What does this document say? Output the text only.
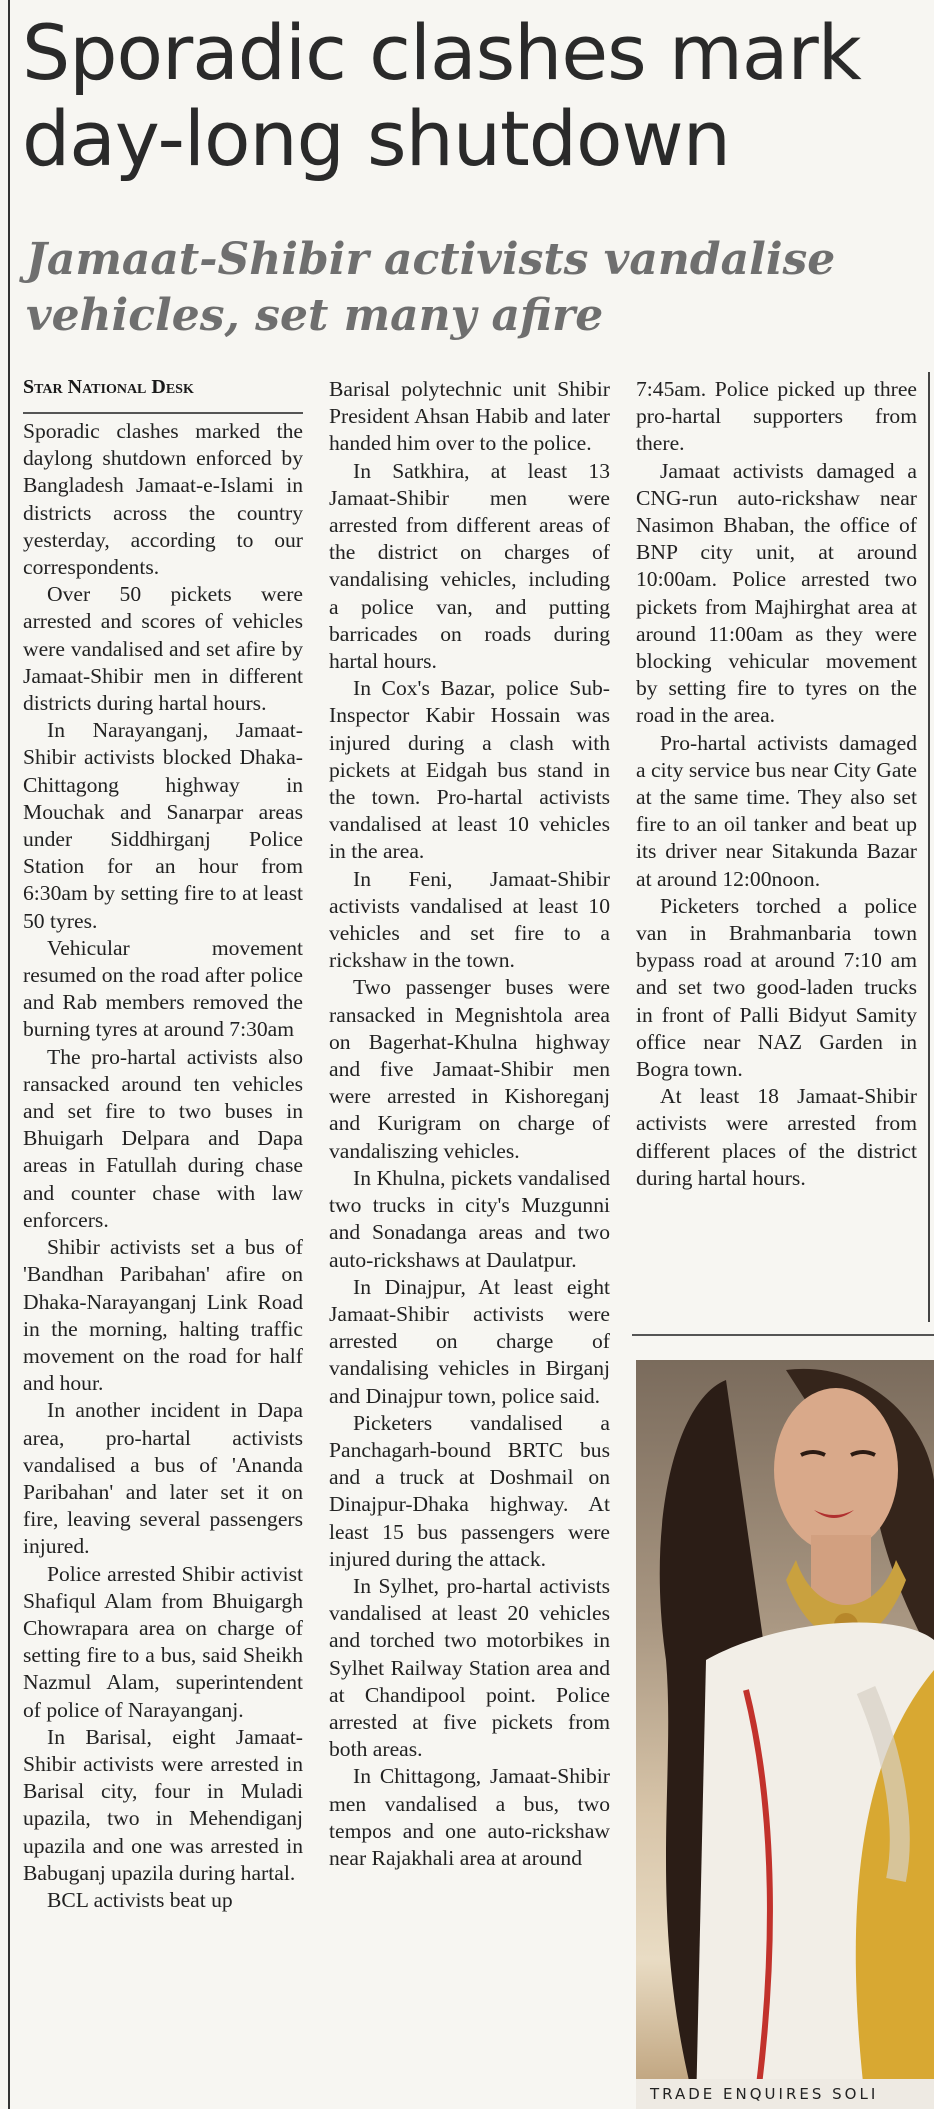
Sporadic clashes mark day-long shutdown
Jamaat-Shibir activists vandalise vehicles, set many afire
Star National Desk

Sporadic clashes marked the daylong shutdown enforced by Bangladesh Jamaat-e-Islami in districts across the country yesterday, according to our correspondents.

Over 50 pickets were arrested and scores of vehicles were vandalised and set afire by Jamaat-Shibir men in different districts during hartal hours.

In Narayanganj, Jamaat-Shibir activists blocked Dhaka-Chittagong highway in Mouchak and Sanarpar areas under Siddhirganj Police Station for an hour from 6:30am by setting fire to at least 50 tyres.

Vehicular movement resumed on the road after police and Rab members removed the burning tyres at around 7:30am

The pro-hartal activists also ransacked around ten vehicles and set fire to two buses in Bhuigarh Delpara and Dapa areas in Fatullah during chase and counter chase with law enforcers.

Shibir activists set a bus of 'Bandhan Paribahan' afire on Dhaka-Narayanganj Link Road in the morning, halting traffic movement on the road for half and hour.

In another incident in Dapa area, pro-hartal activists vandalised a bus of 'Ananda Paribahan' and later set it on fire, leaving several passengers injured.

Police arrested Shibir activist Shafiqul Alam from Bhuigargh Chowrapara area on charge of setting fire to a bus, said Sheikh Nazmul Alam, superintendent of police of Narayanganj.

In Barisal, eight Jamaat-Shibir activists were arrested in Barisal city, four in Muladi upazila, two in Mehendiganj upazila and one was arrested in Babuganj upazila during hartal.

BCL activists beat up

Barisal polytechnic unit Shibir President Ahsan Habib and later handed him over to the police.

In Satkhira, at least 13 Jamaat-Shibir men were arrested from different areas of the district on charges of vandalising vehicles, including a police van, and putting barricades on roads during hartal hours.

In Cox's Bazar, police Sub-Inspector Kabir Hossain was injured during a clash with pickets at Eidgah bus stand in the town. Pro-hartal activists vandalised at least 10 vehicles in the area.

In Feni, Jamaat-Shibir activists vandalised at least 10 vehicles and set fire to a rickshaw in the town.

Two passenger buses were ransacked in Megnishtola area on Bagerhat-Khulna highway and five Jamaat-Shibir men were arrested in Kishoreganj and Kurigram on charge of vandaliszing vehicles.

In Khulna, pickets vandalised two trucks in city's Muzgunni and Sonadanga areas and two auto-rickshaws at Daulatpur.

In Dinajpur, At least eight Jamaat-Shibir activists were arrested on charge of vandalising vehicles in Birganj and Dinajpur town, police said.

Picketers vandalised a Panchagarh-bound BRTC bus and a truck at Doshmail on Dinajpur-Dhaka highway. At least 15 bus passengers were injured during the attack.

In Sylhet, pro-hartal activists vandalised at least 20 vehicles and torched two motorbikes in Sylhet Railway Station area and at Chandipool point. Police arrested at five pickets from both areas.

In Chittagong, Jamaat-Shibir men vandalised a bus, two tempos and one auto-rickshaw near Rajakhali area at around

7:45am. Police picked up three pro-hartal supporters from there.

Jamaat activists damaged a CNG-run auto-rickshaw near Nasimon Bhaban, the office of BNP city unit, at around 10:00am. Police arrested two pickets from Majhirghat area at around 11:00am as they were blocking vehicular movement by setting fire to tyres on the road in the area.

Pro-hartal activists damaged a city service bus near City Gate at the same time. They also set fire to an oil tanker and beat up its driver near Sitakunda Bazar at around 12:00noon.

Picketers torched a police van in Brahmanbaria town bypass road at around 7:10 am and set two good-laden trucks in front of Palli Bidyut Samity office near NAZ Garden in Bogra town.

At least 18 Jamaat-Shibir activists were arrested from different places of the district during hartal hours.

TRADE ENQUIRES SOLI
